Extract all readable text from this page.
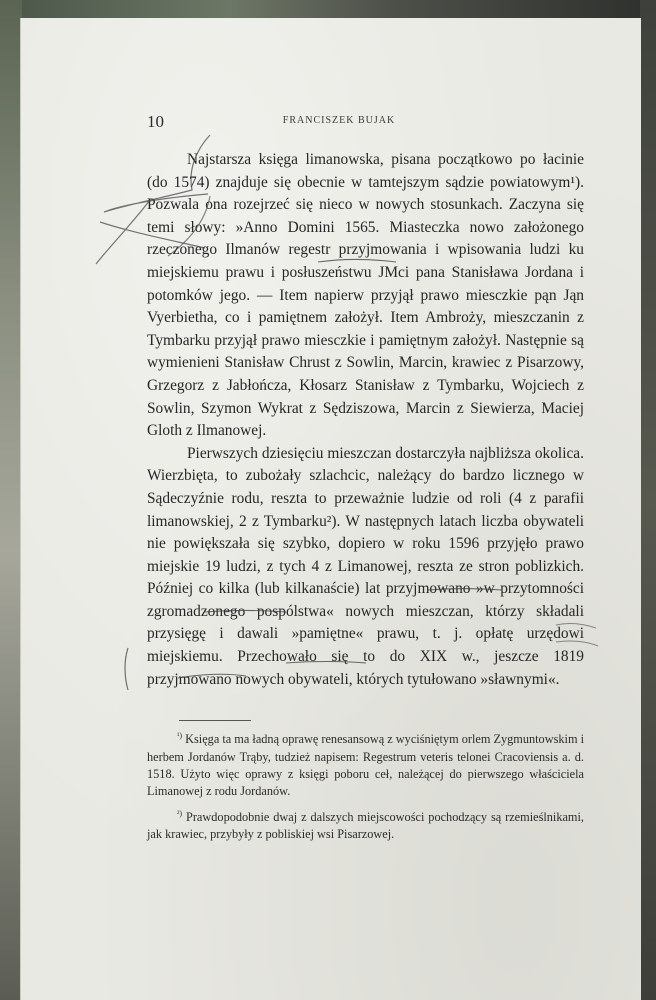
10	FRANCISZEK BUJAK

Najstarsza księga limanowska, pisana początkowo po łacinie (do 1574) znajduje się obecnie w tamtejszym sądzie powiatowym¹). Pozwala ona rozejrzeć się nieco w nowych stosunkach. Zaczyna się temi słowy: »Anno Domini 1565. Miasteczka nowo założonego rzeczonego Ilmanów regestr przyjmowania i wpisowania ludzi ku miejskiemu prawu i posłuszeństwu JMci pana Stanisława Jordana i potomków jego. — Item napierw przyjął prawo miesczkie pąn Jąn Vyerbietha, co i pamiętnem założył. Item Ambroży, mieszczanin z Tymbarku przyjął prawo miesczkie i pamiętnym założył. Następnie są wymienieni Stanisław Chrust z Sowlin, Marcin, krawiec z Pisarzowy, Grzegorz z Jabłończa, Kłosarz Stanisław z Tymbarku, Wojciech z Sowlin, Szymon Wykrat z Sędziszowa, Marcin z Siewierza, Maciej Gloth z Ilmanowej.

Pierwszych dziesięciu mieszczan dostarczyła najbliższa okolica. Wierzbięta, to zubożały szlachcic, należący do bardzo licznego w Sądeczyźnie rodu, reszta to przeważnie ludzie od roli (4 z parafii limanowskiej, 2 z Tymbarku²). W następnych latach liczba obywateli nie powiększała się szybko, dopiero w roku 1596 przyjęło prawo miejskie 19 ludzi, z tych 4 z Limanowej, reszta ze stron poblizkich. Później co kilka (lub kilkanaście) lat przyjmowano »w przytomności zgromadzonego pospólstwa« nowych mieszczan, którzy składali przysięgę i dawali »pamiętne« prawu, t. j. opłatę urzędowi miejskiemu. Przechowało się to do XIX w., jeszcze 1819 przyjmowano nowych obywateli, których tytułowano »sławnymi«.

$^{^1)}$ Księga ta ma ładną oprawę renesansową z wyciśniętym orlem Zygmuntowskim i herbem Jordanów Trąby, tudzież napisem: Regestrum veteris telonei Cracoviensis a. d. 1518. Użyto więc oprawy z księgi poboru ceł, należącej do pierwszego właściciela Limanowej z rodu Jordanów.

$^{^2)}$ Prawdopodobnie dwaj z dalszych miejscowości pochodzący są rzemieślnikami, jak krawiec, przybyły z pobliskiej wsi Pisarzowej.
